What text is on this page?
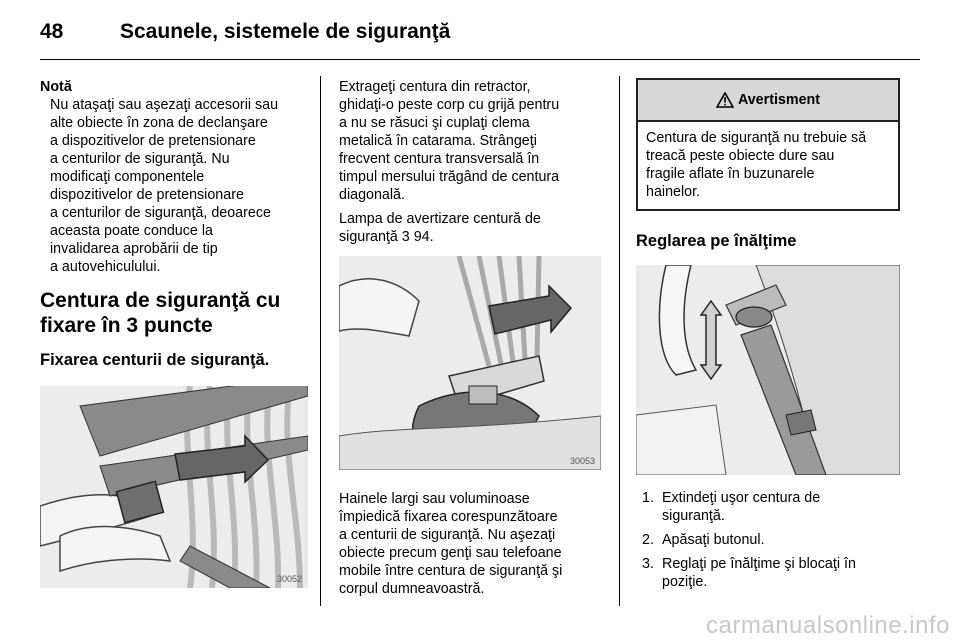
48	Scaunele, sistemele de siguranţă
Notă
Nu ataşaţi sau aşezaţi accesorii sau
alte obiecte în zona de declanşare
a dispozitivelor de pretensionare
a centurilor de siguranţă. Nu
modificaţi componentele
dispozitivelor de pretensionare
a centurilor de siguranţă, deoarece
aceasta poate conduce la
invalidarea aprobării de tip
a autovehiculului.
Centura de siguranţă cu
fixare în 3 puncte
Fixarea centurii de siguranţă.
30052
Extrageţi centura din retractor,
ghidaţi-o peste corp cu grijă pentru
a nu se răsuci şi cuplaţi clema
metalică în catarama. Strângeţi
frecvent centura transversală în
timpul mersului trăgând de centura
diagonală.
Lampa de avertizare centură de
siguranţă 3 94.
30053
Hainele largi sau voluminoase
împiedică fixarea corespunzătoare
a centurii de siguranţă. Nu aşezaţi
obiecte precum genţi sau telefoane
mobile între centura de siguranţă şi
corpul dumneavoastră.
Avertisment
Centura de siguranţă nu trebuie să
treacă peste obiecte dure sau
fragile aflate în buzunarele
hainelor.
Reglarea pe înălţime
1. Extindeţi uşor centura de
siguranţă.
2. Apăsaţi butonul.
3. Reglaţi pe înălţime şi blocaţi în
poziţie.
carmanualsonline.info
